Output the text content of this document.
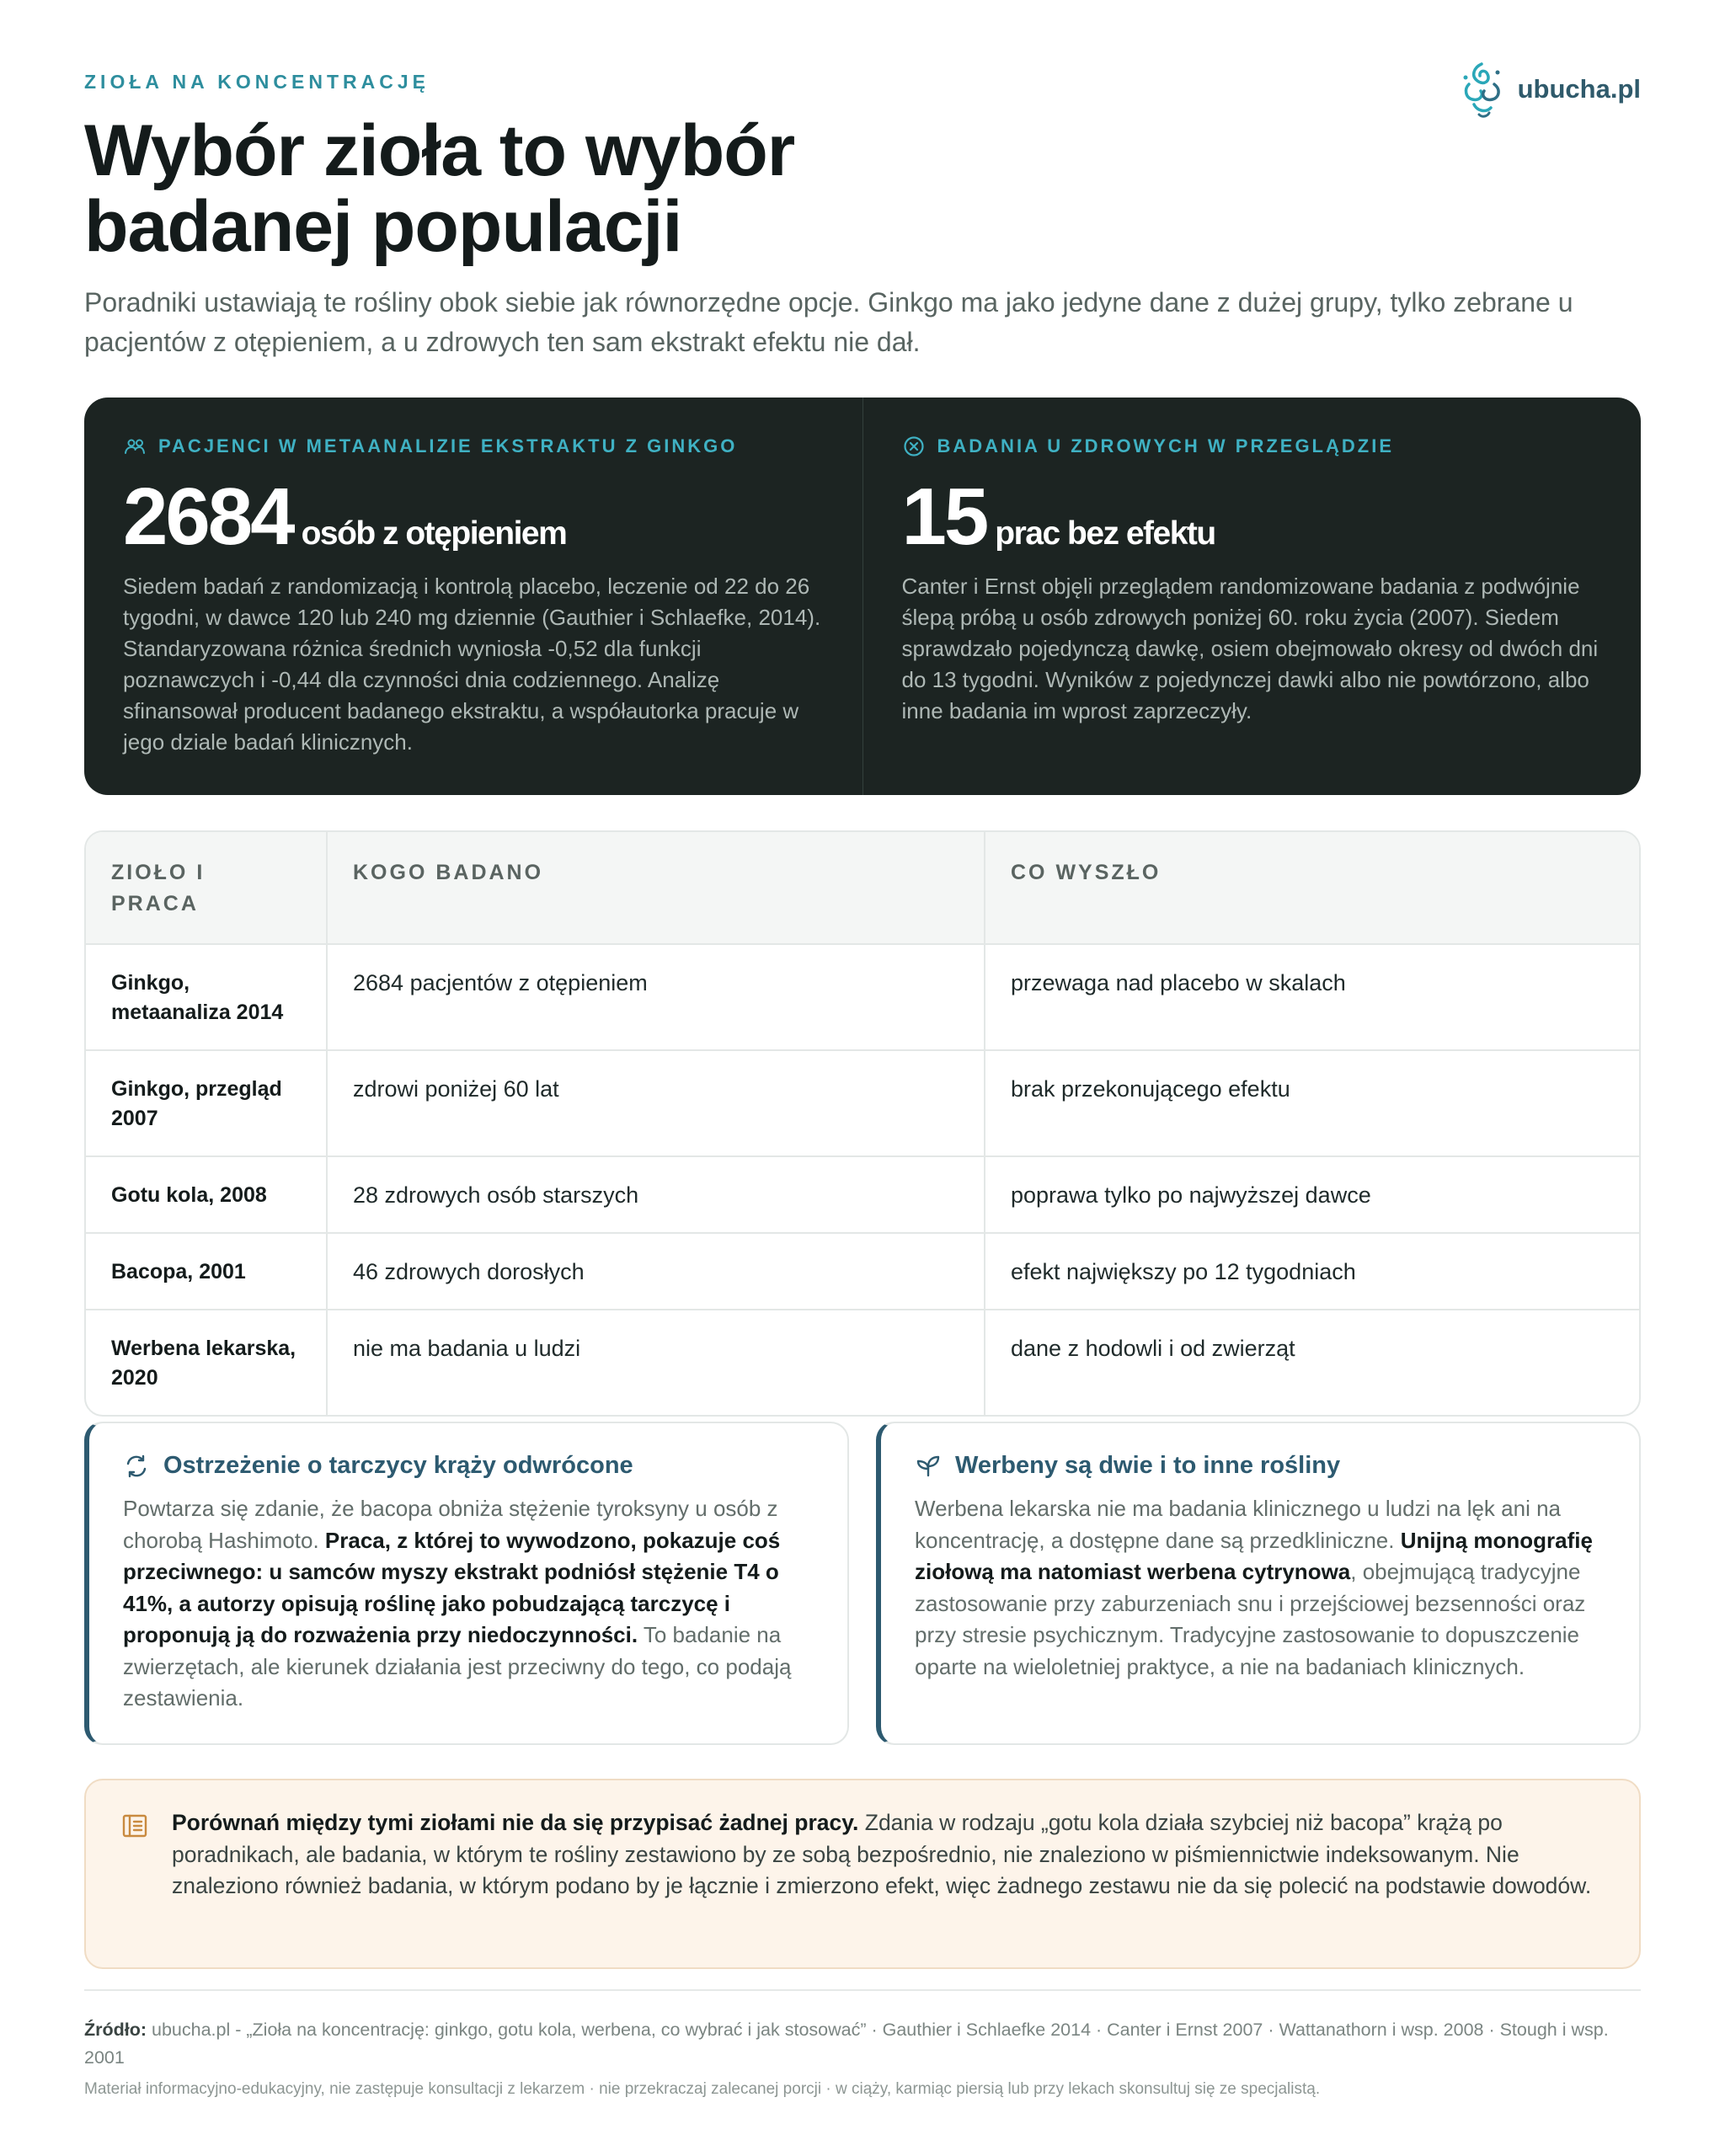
ZIOŁA NA KONCENTRACJĘ	ubucha.pl
Wybór zioła to wybór
badanej populacji

Poradniki ustawiają te rośliny obok siebie jak równorzędne opcje. Ginkgo ma jako jedyne dane z dużej grupy, tylko zebrane u pacjentów z otępieniem, a u zdrowych ten sam ekstrakt efektu nie dał.

PACJENCI W METAANALIZIE EKSTRAKTU Z GINKGO
2684 osób z otępieniem

Siedem badań z randomizacją i kontrolą placebo, leczenie od 22 do 26 tygodni, w dawce 120 lub 240 mg dziennie (Gauthier i Schlaefke, 2014). Standaryzowana różnica średnich wyniosła -0,52 dla funkcji poznawczych i -0,44 dla czynności dnia codziennego. Analizę sfinansował producent badanego ekstraktu, a współautorka pracuje w jego dziale badań klinicznych.

BADANIA U ZDROWYCH W PRZEGLĄDZIE
15 prac bez efektu

Canter i Ernst objęli przeglądem randomizowane badania z podwójnie ślepą próbą u osób zdrowych poniżej 60. roku życia (2007). Siedem sprawdzało pojedynczą dawkę, osiem obejmowało okresy od dwóch dni do 13 tygodni. Wyników z pojedynczej dawki albo nie powtórzono, albo inne badania im wprost zaprzeczyły.

ZIOŁO I PRACA	KOGO BADANO	CO WYSZŁO
Ginkgo, metaanaliza 2014	2684 pacjentów z otępieniem	przewaga nad placebo w skalach
Ginkgo, przegląd 2007	zdrowi poniżej 60 lat	brak przekonującego efektu
Gotu kola, 2008	28 zdrowych osób starszych	poprawa tylko po najwyższej dawce
Bacopa, 2001	46 zdrowych dorosłych	efekt największy po 12 tygodniach
Werbena lekarska, 2020	nie ma badania u ludzi	dane z hodowli i od zwierząt
Ostrzeżenie o tarczycy krąży odwrócone

Powtarza się zdanie, że bacopa obniża stężenie tyroksyny u osób z chorobą Hashimoto. Praca, z której to wywodzono, pokazuje coś przeciwnego: u samców myszy ekstrakt podniósł stężenie T4 o 41%, a autorzy opisują roślinę jako pobudzającą tarczycę i proponują ją do rozważenia przy niedoczynności. To badanie na zwierzętach, ale kierunek działania jest przeciwny do tego, co podają zestawienia.

Werbeny są dwie i to inne rośliny

Werbena lekarska nie ma badania klinicznego u ludzi na lęk ani na koncentrację, a dostępne dane są przedkliniczne. Unijną monografię ziołową ma natomiast werbena cytrynowa, obejmującą tradycyjne zastosowanie przy zaburzeniach snu i przejściowej bezsenności oraz przy stresie psychicznym. Tradycyjne zastosowanie to dopuszczenie oparte na wieloletniej praktyce, a nie na badaniach klinicznych.

Porównań między tymi ziołami nie da się przypisać żadnej pracy. Zdania w rodzaju „gotu kola działa szybciej niż bacopa” krążą po poradnikach, ale badania, w którym te rośliny zestawiono by ze sobą bezpośrednio, nie znaleziono w piśmiennictwie indeksowanym. Nie znaleziono również badania, w którym podano by je łącznie i zmierzono efekt, więc żadnego zestawu nie da się polecić na podstawie dowodów.

Źródło: ubucha.pl - „Zioła na koncentrację: ginkgo, gotu kola, werbena, co wybrać i jak stosować” · Gauthier i Schlaefke 2014 · Canter i Ernst 2007 · Wattanathorn i wsp. 2008 · Stough i wsp. 2001

Materiał informacyjno-edukacyjny, nie zastępuje konsultacji z lekarzem · nie przekraczaj zalecanej porcji · w ciąży, karmiąc piersią lub przy lekach skonsultuj się ze specjalistą.
